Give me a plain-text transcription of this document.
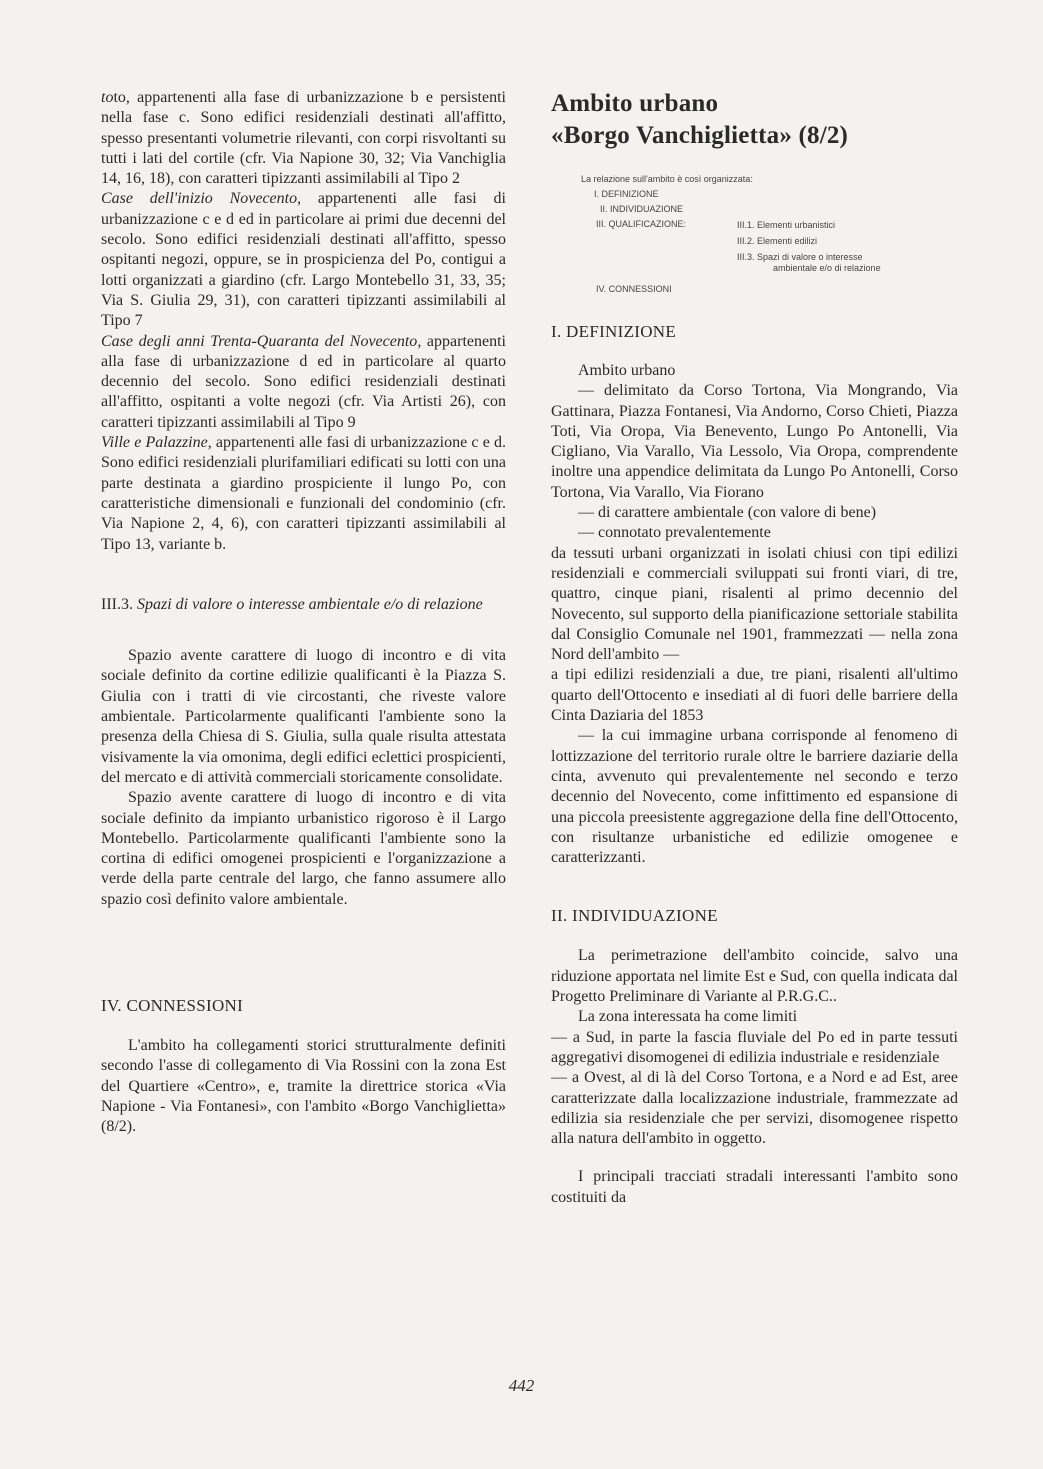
toto, appartenenti alla fase di urbanizzazione b e persistenti nella fase c. Sono edifici residenziali destinati all'affitto, spesso presentanti volumetrie rilevanti, con corpi risvoltanti su tutti i lati del cortile (cfr. Via Napione 30, 32; Via Vanchiglia 14, 16, 18), con caratteri tipizzanti assimilabili al Tipo 2

Case dell'inizio Novecento, appartenenti alle fasi di urbanizzazione c e d ed in particolare ai primi due decenni del secolo. Sono edifici residenziali destinati all'affitto, spesso ospitanti negozi, oppure, se in prospicienza del Po, contigui a lotti organizzati a giardino (cfr. Largo Montebello 31, 33, 35; Via S. Giulia 29, 31), con caratteri tipizzanti assimilabili al Tipo 7

Case degli anni Trenta-Quaranta del Novecento, appartenenti alla fase di urbanizzazione d ed in particolare al quarto decennio del secolo. Sono edifici residenziali destinati all'affitto, ospitanti a volte negozi (cfr. Via Artisti 26), con caratteri tipizzanti assimilabili al Tipo 9

Ville e Palazzine, appartenenti alle fasi di urbanizzazione c e d. Sono edifici residenziali plurifamiliari edificati su lotti con una parte destinata a giardino prospiciente il lungo Po, con caratteristiche dimensionali e funzionali del condominio (cfr. Via Napione 2, 4, 6), con caratteri tipizzanti assimilabili al Tipo 13, variante b.

III.3. Spazi di valore o interesse ambientale e/o di relazione

Spazio avente carattere di luogo di incontro e di vita sociale definito da cortine edilizie qualificanti è la Piazza S. Giulia con i tratti di vie circostanti, che riveste valore ambientale. Particolarmente qualificanti l'ambiente sono la presenza della Chiesa di S. Giulia, sulla quale risulta attestata visivamente la via omonima, degli edifici eclettici prospicienti, del mercato e di attività commerciali storicamente consolidate.

Spazio avente carattere di luogo di incontro e di vita sociale definito da impianto urbanistico rigoroso è il Largo Montebello. Particolarmente qualificanti l'ambiente sono la cortina di edifici omogenei prospicienti e l'organizzazione a verde della parte centrale del largo, che fanno assumere allo spazio così definito valore ambientale.

IV. CONNESSIONI

L'ambito ha collegamenti storici strutturalmente definiti secondo l'asse di collegamento di Via Rossini con la zona Est del Quartiere «Centro», e, tramite la direttrice storica «Via Napione - Via Fontanesi», con l'ambito «Borgo Vanchiglietta» (8/2).

Ambito urbano
«Borgo Vanchiglietta» (8/2)
La relazione sull'ambito è così organizzata:
I. DEFINIZIONE
II. INDIVIDUAZIONE
III. QUALIFICAZIONE:	III.1. Elementi urbanistici
III.2. Elementi edilizi
III.3. Spazi di valore o interesse
ambientale e/o di relazione
IV. CONNESSIONI
I. DEFINIZIONE

Ambito urbano

— delimitato da Corso Tortona, Via Mongrando, Via Gattinara, Piazza Fontanesi, Via Andorno, Corso Chieti, Piazza Toti, Via Oropa, Via Benevento, Lungo Po Antonelli, Via Cigliano, Via Varallo, Via Lessolo, Via Oropa, comprendente inoltre una appendice delimitata da Lungo Po Antonelli, Corso Tortona, Via Varallo, Via Fiorano

— di carattere ambientale (con valore di bene)

— connotato prevalentemente

da tessuti urbani organizzati in isolati chiusi con tipi edilizi residenziali e commerciali sviluppati sui fronti viari, di tre, quattro, cinque piani, risalenti al primo decennio del Novecento, sul supporto della pianificazione settoriale stabilita dal Consiglio Comunale nel 1901, frammezzati — nella zona Nord dell'ambito —

a tipi edilizi residenziali a due, tre piani, risalenti all'ultimo quarto dell'Ottocento e insediati al di fuori delle barriere della Cinta Daziaria del 1853

— la cui immagine urbana corrisponde al fenomeno di lottizzazione del territorio rurale oltre le barriere daziarie della cinta, avvenuto qui prevalentemente nel secondo e terzo decennio del Novecento, come infittimento ed espansione di una piccola preesistente aggregazione della fine dell'Ottocento, con risultanze urbanistiche ed edilizie omogenee e caratterizzanti.

II. INDIVIDUAZIONE

La perimetrazione dell'ambito coincide, salvo una riduzione apportata nel limite Est e Sud, con quella indicata dal Progetto Preliminare di Variante al P.R.G.C..

La zona interessata ha come limiti

— a Sud, in parte la fascia fluviale del Po ed in parte tessuti aggregativi disomogenei di edilizia industriale e residenziale

— a Ovest, al di là del Corso Tortona, e a Nord e ad Est, aree caratterizzate dalla localizzazione industriale, frammezzate ad edilizia sia residenziale che per servizi, disomogenee rispetto alla natura dell'ambito in oggetto.

I principali tracciati stradali interessanti l'ambito sono costituiti da

442
